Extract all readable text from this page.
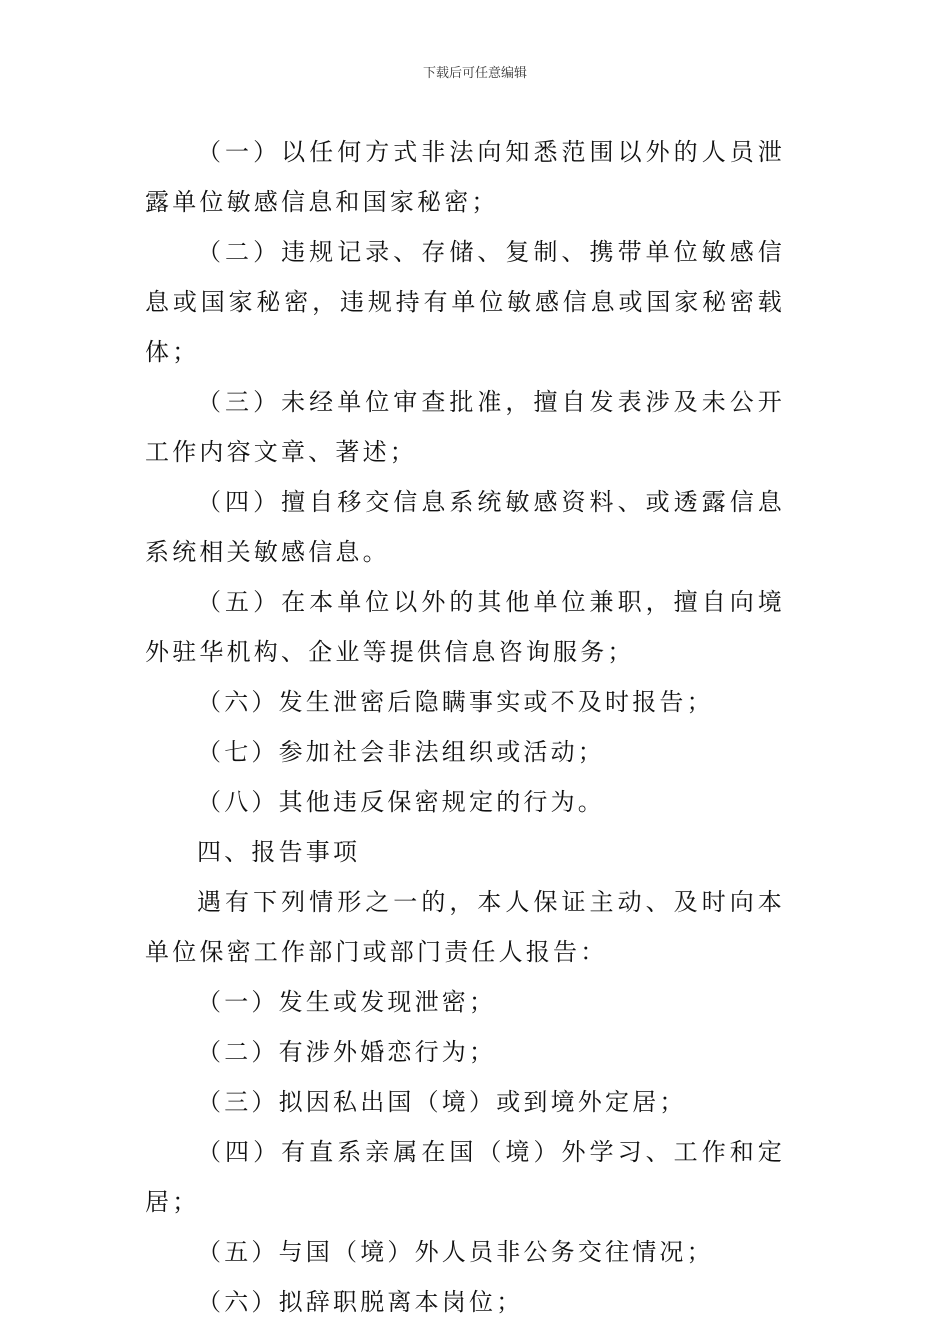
下载后可任意编辑

（一）以任何方式非法向知悉范围以外的人员泄露单位敏感信息和国家秘密；

（二）违规记录、存储、复制、携带单位敏感信息或国家秘密，违规持有单位敏感信息或国家秘密载体；

（三）未经单位审查批准，擅自发表涉及未公开工作内容文章、著述；

（四）擅自移交信息系统敏感资料、或透露信息系统相关敏感信息。

（五）在本单位以外的其他单位兼职，擅自向境外驻华机构、企业等提供信息咨询服务；

（六）发生泄密后隐瞒事实或不及时报告；

（七）参加社会非法组织或活动；

（八）其他违反保密规定的行为。

四、报告事项

遇有下列情形之一的，本人保证主动、及时向本单位保密工作部门或部门责任人报告：

（一）发生或发现泄密；

（二）有涉外婚恋行为；

（三）拟因私出国（境）或到境外定居；

（四）有直系亲属在国（境）外学习、工作和定居；

（五）与国（境）外人员非公务交往情况；

（六）拟辞职脱离本岗位；
